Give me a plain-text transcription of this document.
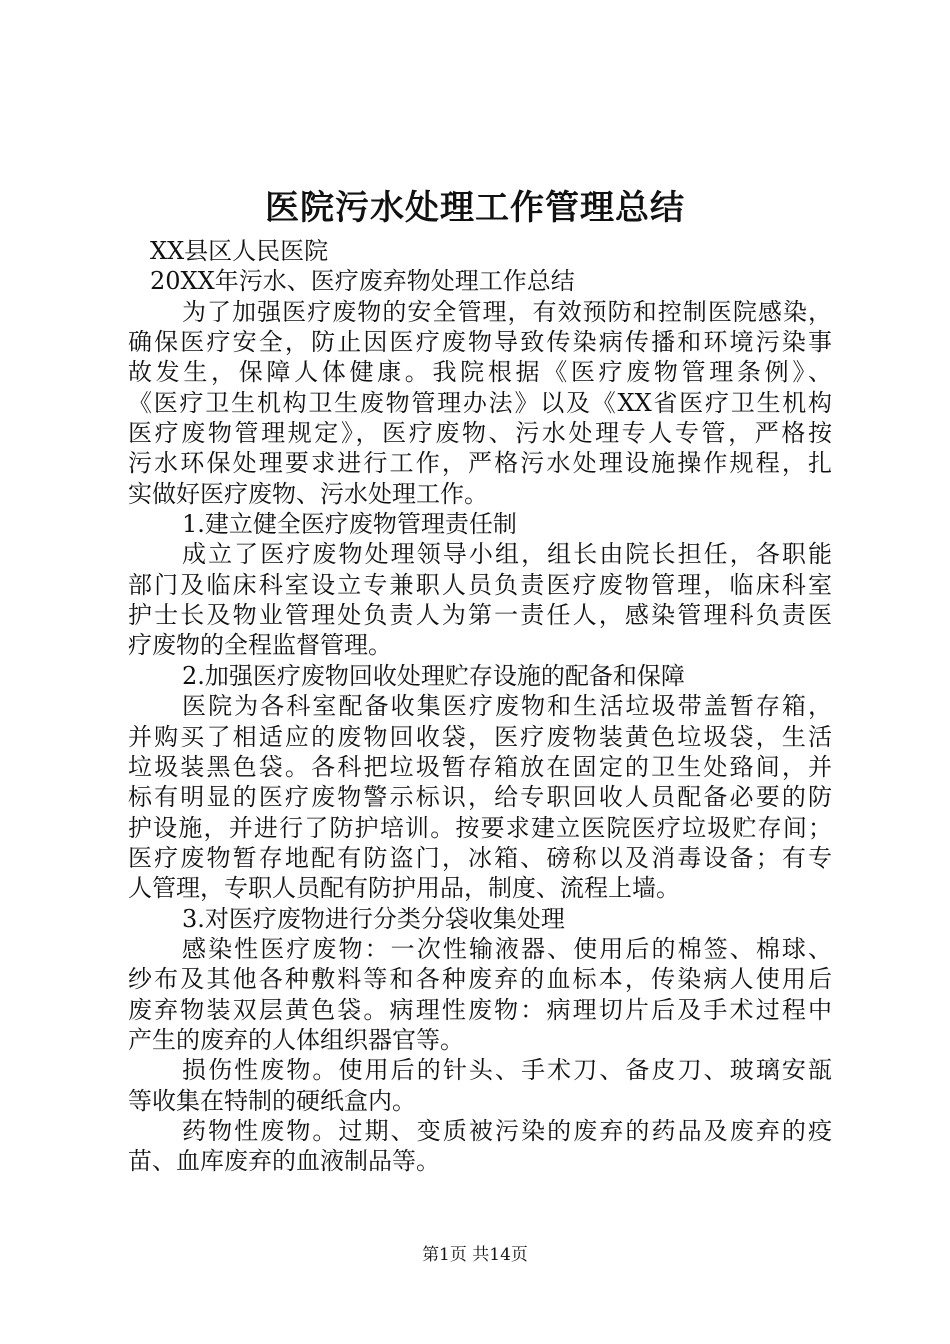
医院污水处理工作管理总结
XX县区人民医院
20XX年污水、医疗废弃物处理工作总结
为了加强医疗废物的安全管理，有效预防和控制医院感染，
确保医疗安全，防止因医疗废物导致传染病传播和环境污染事
故发生，保障人体健康。我院根据《医疗废物管理条例》、
《医疗卫生机构卫生废物管理办法》以及《XX省医疗卫生机构
医疗废物管理规定》，医疗废物、污水处理专人专管，严格按
污水环保处理要求进行工作，严格污水处理设施操作规程，扎
实做好医疗废物、污水处理工作。
1.建立健全医疗废物管理责任制
成立了医疗废物处理领导小组，组长由院长担任，各职能
部门及临床科室设立专兼职人员负责医疗废物管理，临床科室
护士长及物业管理处负责人为第一责任人，感染管理科负责医
疗废物的全程监督管理。
2.加强医疗废物回收处理贮存设施的配备和保障
医院为各科室配备收集医疗废物和生活垃圾带盖暂存箱，
并购买了相适应的废物回收袋，医疗废物装黄色垃圾袋，生活
垃圾装黑色袋。各科把垃圾暂存箱放在固定的卫生处臵间，并
标有明显的医疗废物警示标识，给专职回收人员配备必要的防
护设施，并进行了防护培训。按要求建立医院医疗垃圾贮存间；
医疗废物暂存地配有防盗门，冰箱、磅称以及消毒设备；有专
人管理，专职人员配有防护用品，制度、流程上墙。
3.对医疗废物进行分类分袋收集处理
感染性医疗废物：一次性输液器、使用后的棉签、棉球、
纱布及其他各种敷料等和各种废弃的血标本，传染病人使用后
废弃物装双层黄色袋。病理性废物：病理切片后及手术过程中
产生的废弃的人体组织器官等。
损伤性废物。使用后的针头、手术刀、备皮刀、玻璃安瓿
等收集在特制的硬纸盒内。
药物性废物。过期、变质被污染的废弃的药品及废弃的疫
苗、血库废弃的血液制品等。
第1页 共14页
